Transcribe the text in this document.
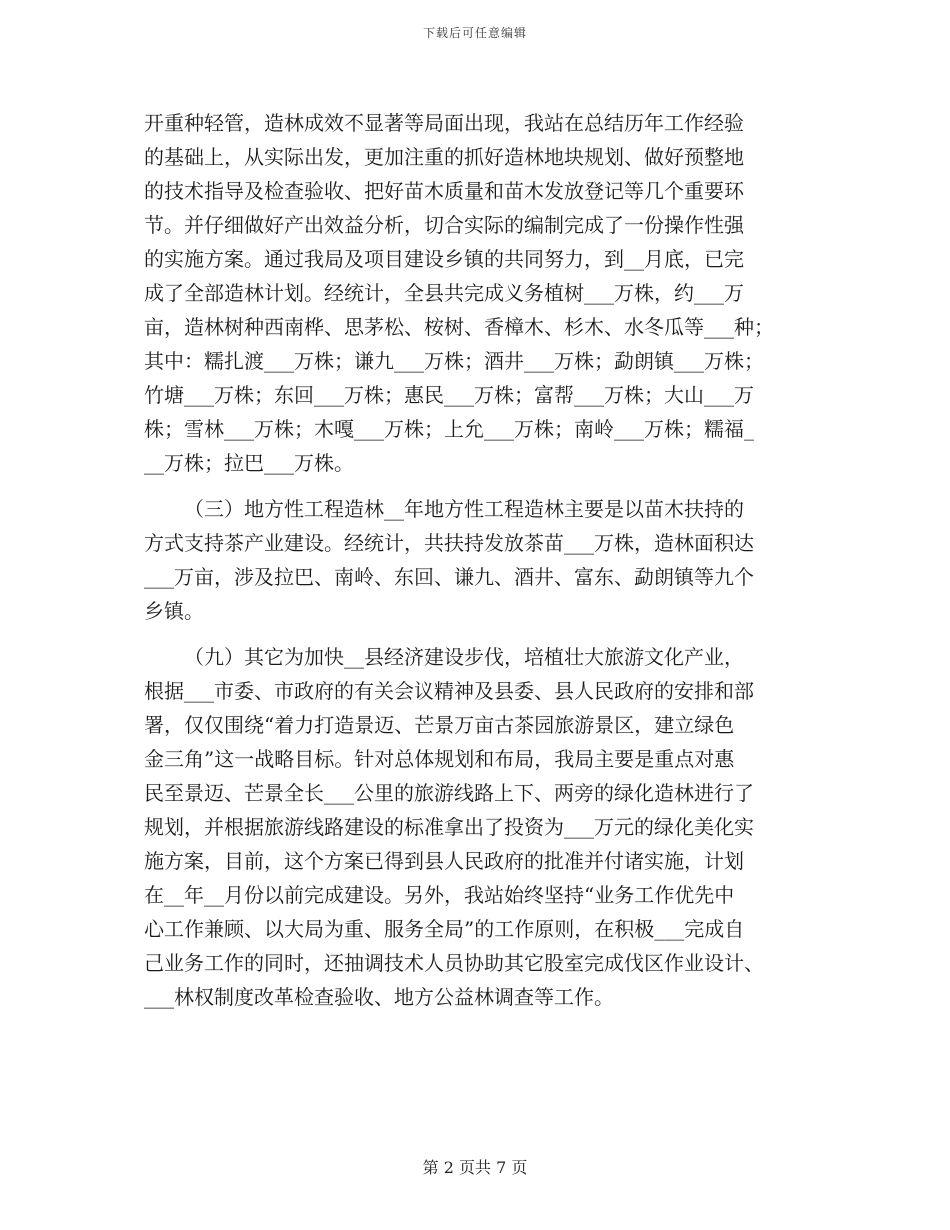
下载后可任意编辑
开重种轻管，造林成效不显著等局面出现，我站在总结历年工作经验
的基础上，从实际出发，更加注重的抓好造林地块规划、做好预整地
的技术指导及检查验收、把好苗木质量和苗木发放登记等几个重要环
节。并仔细做好产出效益分析，切合实际的编制完成了一份操作性强
的实施方案。通过我局及项目建设乡镇的共同努力，到__月底，已完
成了全部造林计划。经统计，全县共完成义务植树___万株，约___万
亩，造林树种西南桦、思茅松、桉树、香樟木、杉木、水冬瓜等___种；
其中：糯扎渡___万株；谦九___万株；酒井___万株；勐朗镇___万株；
竹塘___万株；东回___万株；惠民___万株；富帮___万株；大山___万
株；雪林___万株；木嘎___万株；上允___万株；南岭___万株；糯福_
__万株；拉巴___万株。
（三）地方性工程造林__年地方性工程造林主要是以苗木扶持的
方式支持茶产业建设。经统计，共扶持发放茶苗___万株，造林面积达
___万亩，涉及拉巴、南岭、东回、谦九、酒井、富东、勐朗镇等九个
乡镇。
（九）其它为加快__县经济建设步伐，培植壮大旅游文化产业，
根据___市委、市政府的有关会议精神及县委、县人民政府的安排和部
署，仅仅围绕“着力打造景迈、芒景万亩古茶园旅游景区，建立绿色
金三角”这一战略目标。针对总体规划和布局，我局主要是重点对惠
民至景迈、芒景全长___公里的旅游线路上下、两旁的绿化造林进行了
规划，并根据旅游线路建设的标准拿出了投资为___万元的绿化美化实
施方案，目前，这个方案已得到县人民政府的批准并付诸实施，计划
在__年__月份以前完成建设。另外，我站始终坚持“业务工作优先中
心工作兼顾、以大局为重、服务全局”的工作原则，在积极___完成自
己业务工作的同时，还抽调技术人员协助其它股室完成伐区作业设计、
___林权制度改革检查验收、地方公益林调查等工作。
第 2 页共 7 页
